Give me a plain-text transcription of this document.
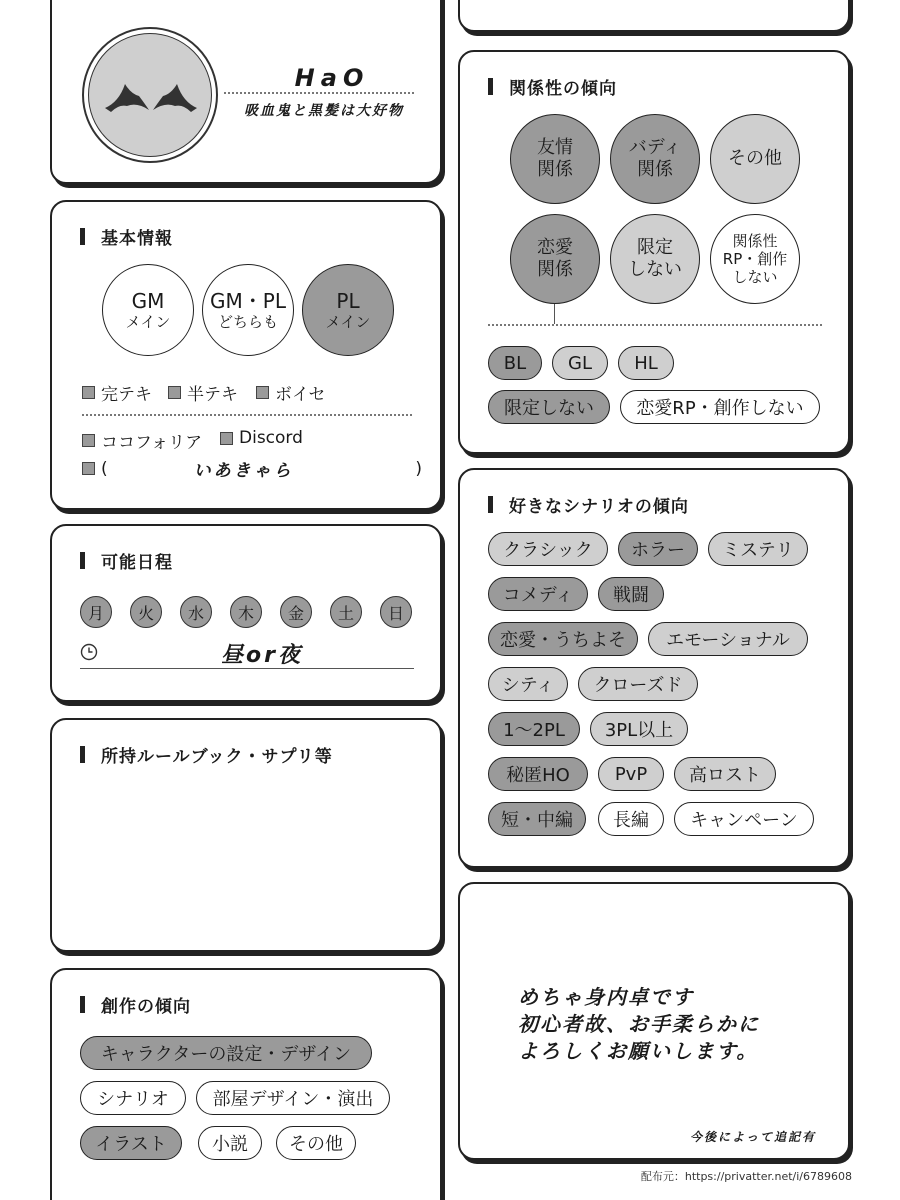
HaO
吸血鬼と黒髪は大好物
基本情報
GM
メイン
GM・PL
どちらも
PL
メイン
完テキ 半テキ ボイセ
ココフォリア Discord
(	いあきゃら	)
可能日程
月	火	水	木	金	土	日
昼or夜
所持ルールブック・サプリ等
創作の傾向
キャラクターの設定・デザイン
シナリオ	部屋デザイン・演出
イラスト	小説	その他
関係性の傾向
友情
関係
バディ
関係
その他
恋愛
関係
限定
しない
関係性
RP・創作
しない
BL	GL	HL
限定しない	恋愛RP・創作しない
好きなシナリオの傾向
クラシック	ホラー	ミステリ
コメディ	戦闘
恋愛・うちよそ	エモーショナル
シティ	クローズド
1〜2PL	3PL以上
秘匿HO	PvP	高ロスト
短・中編	長編	キャンペーン
めちゃ身内卓です
初心者故、お手柔らかに
よろしくお願いします。
今後によって追記有
配布元：https://privatter.net/i/6789608
